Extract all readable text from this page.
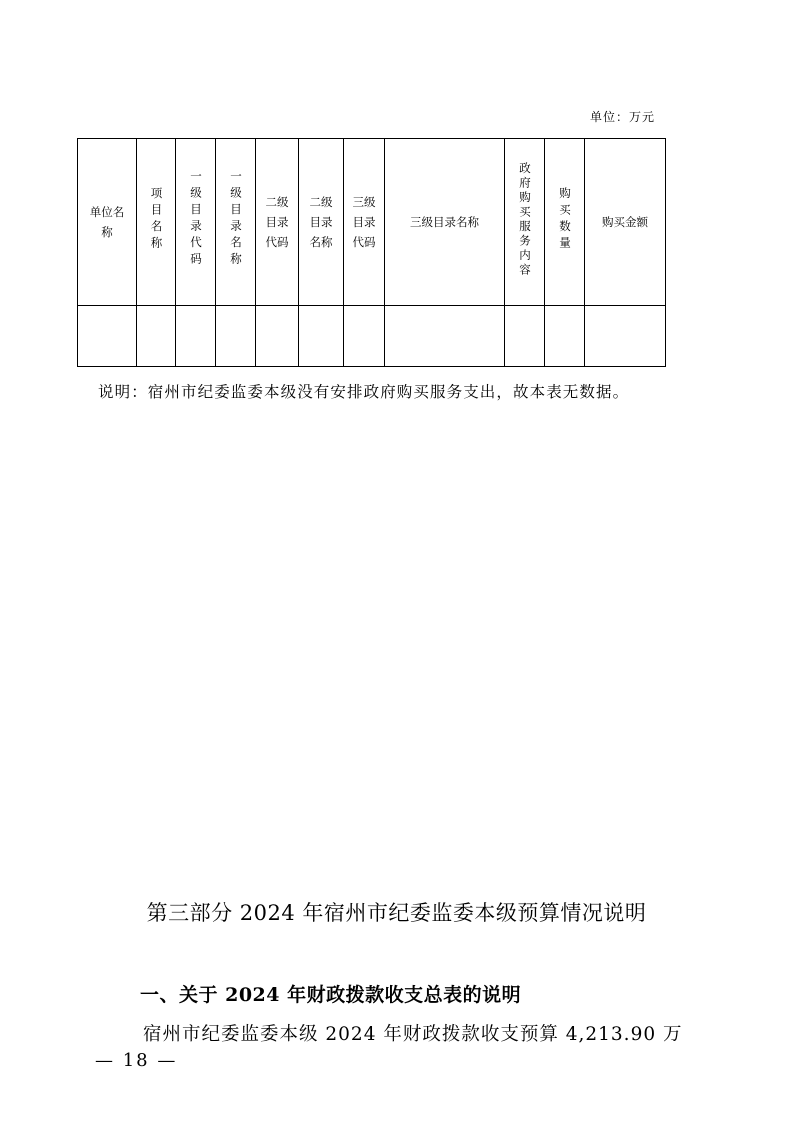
单位：万元
单位名称	项目名称	一级目录代码	一级目录名称	二级目录代码	二级目录名称	三级目录代码	三级目录名称	政府购买服务内容	购买数量	购买金额

说明：宿州市纪委监委本级没有安排政府购买服务支出，故本表无数据。
第三部分 2024 年宿州市纪委监委本级预算情况说明
一、关于 2024 年财政拨款收支总表的说明
宿州市纪委监委本级 2024 年财政拨款收支预算 4,213.90 万
— 18 —
